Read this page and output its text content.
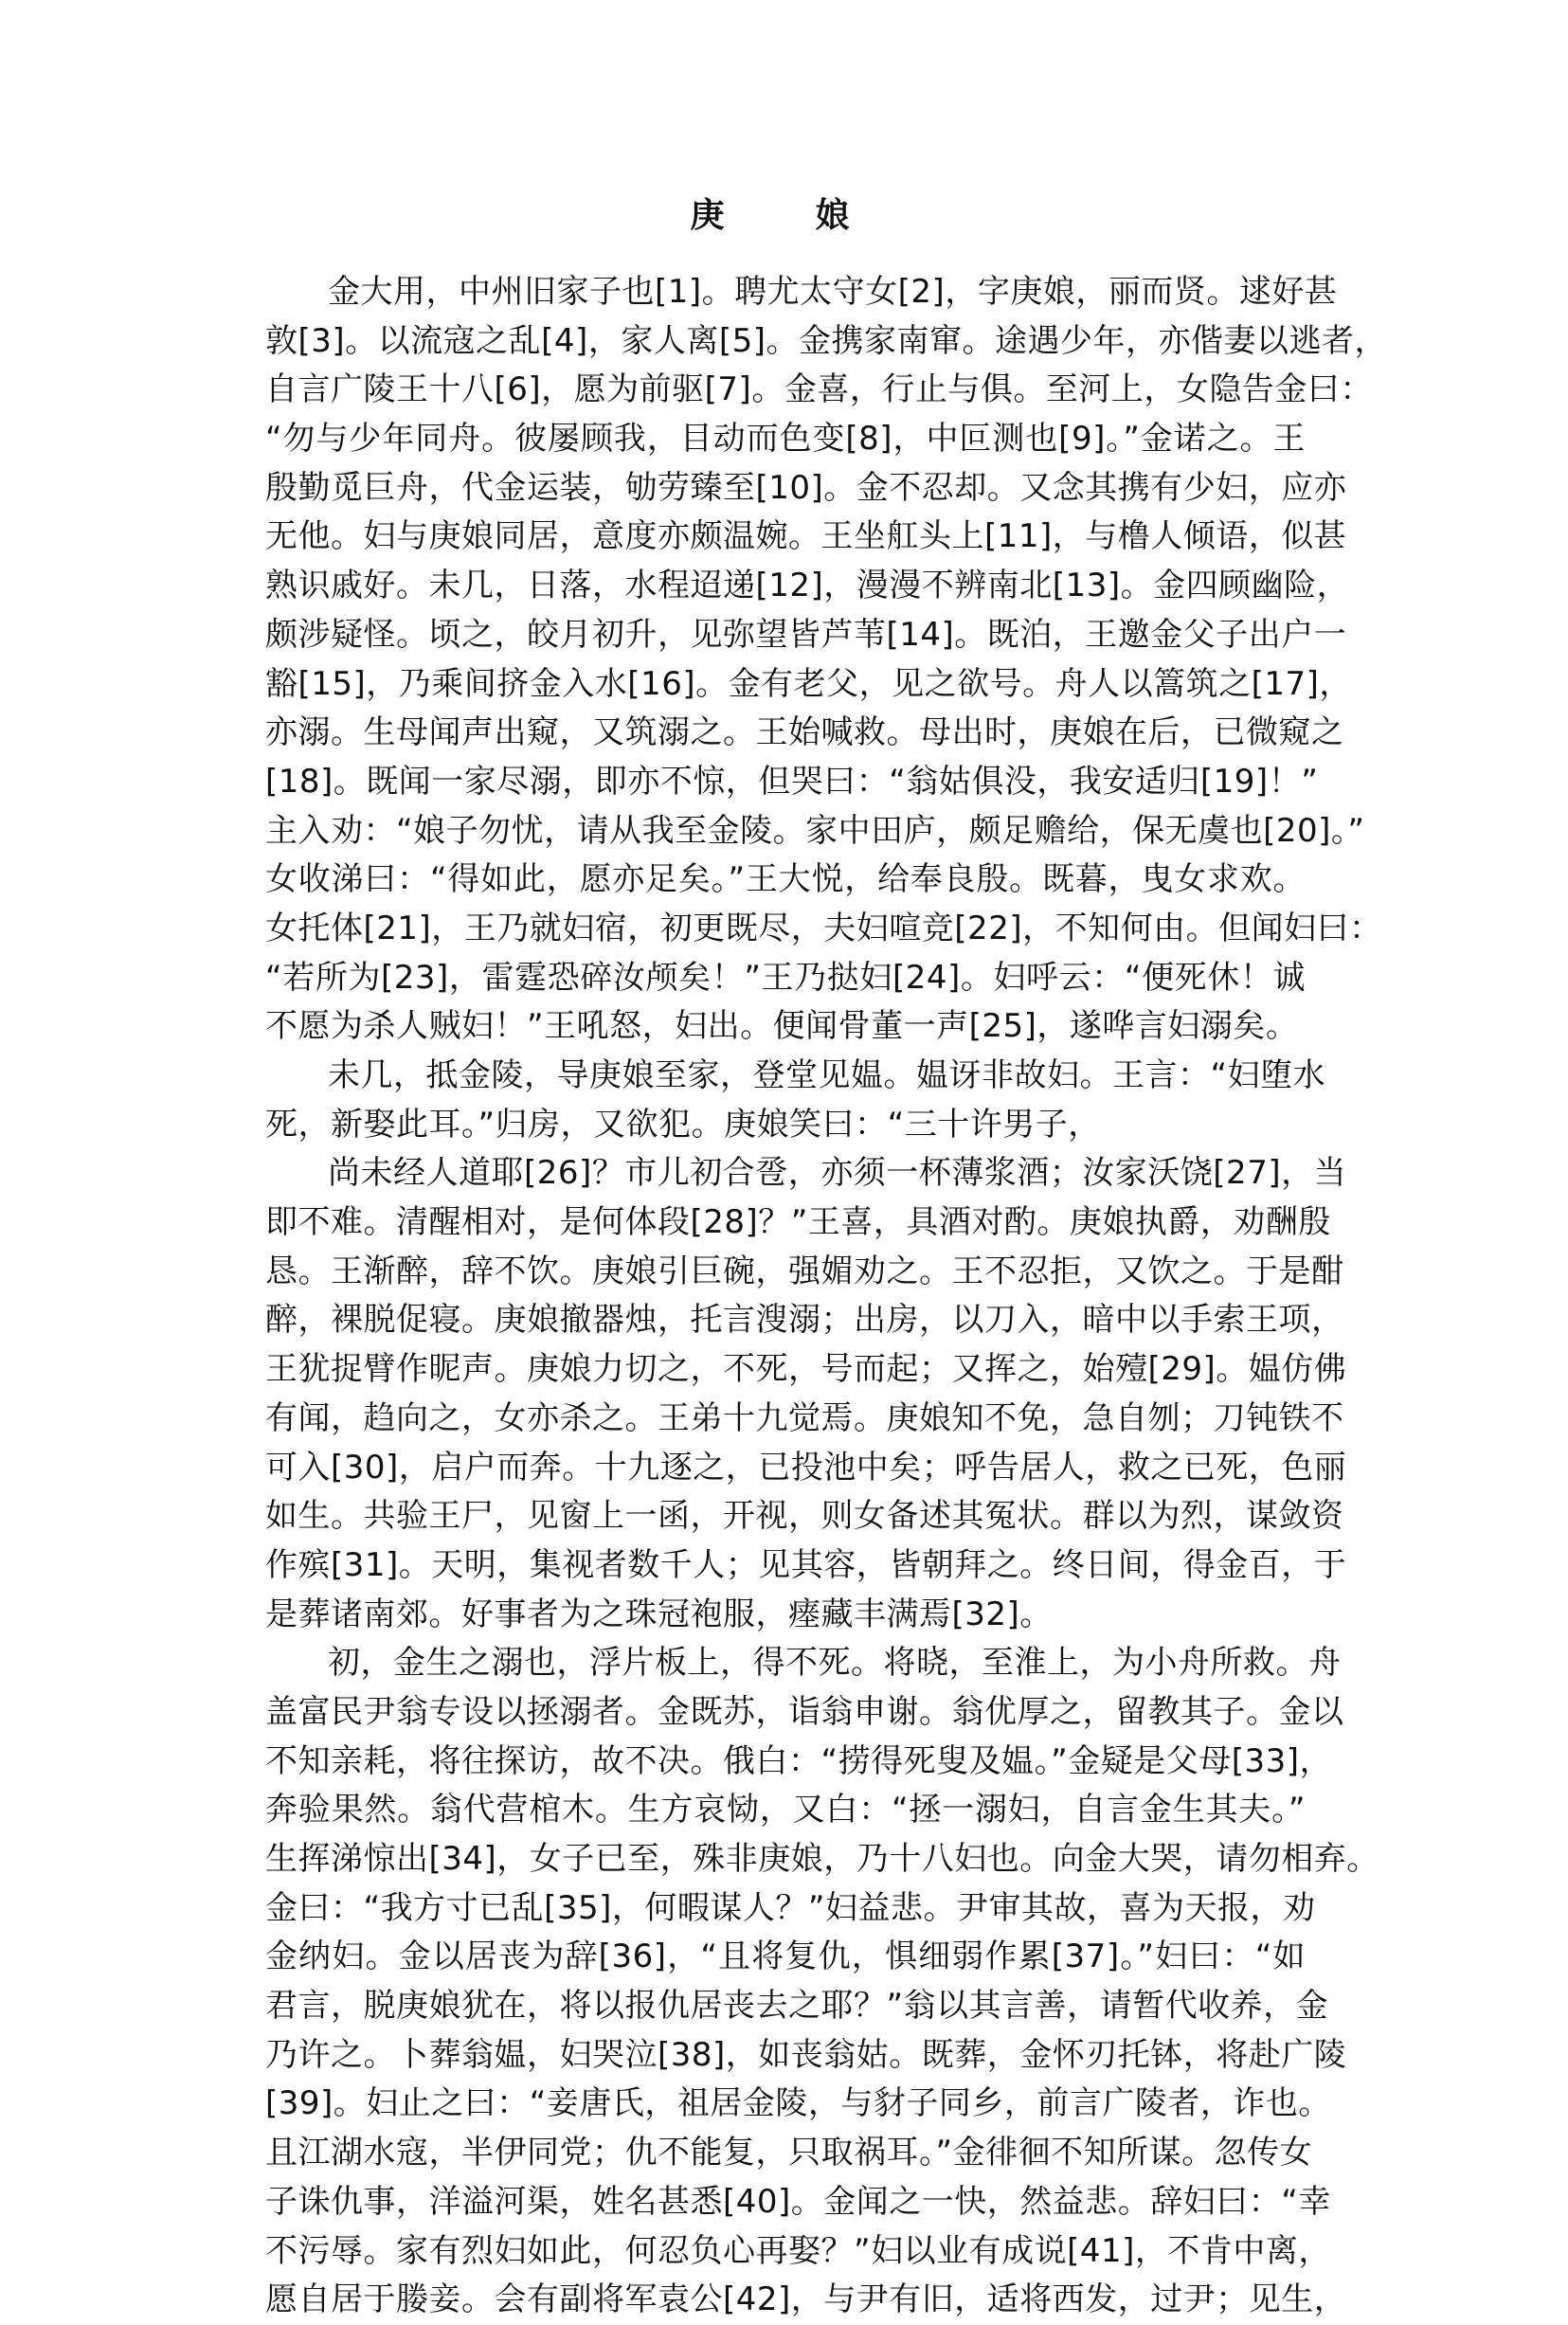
庚　娘
金大用，中州旧家子也[1]。聘尤太守女[2]，字庚娘，丽而贤。逑好甚
敦[3]。以流寇之乱[4]，家人离[5]。金携家南窜。途遇少年，亦偕妻以逃者，
自言广陵王十八[6]，愿为前驱[7]。金喜，行止与俱。至河上，女隐告金曰：
“勿与少年同舟。彼屡顾我，目动而色变[8]，中叵测也[9]。”金诺之。王
殷勤觅巨舟，代金运装，劬劳臻至[10]。金不忍却。又念其携有少妇，应亦
无他。妇与庚娘同居，意度亦颇温婉。王坐舡头上[11]，与橹人倾语，似甚
熟识戚好。未几，日落，水程迢递[12]，漫漫不辨南北[13]。金四顾幽险，
颇涉疑怪。顷之，皎月初升，见弥望皆芦苇[14]。既泊，王邀金父子出户一
豁[15]，乃乘间挤金入水[16]。金有老父，见之欲号。舟人以篙筑之[17]，
亦溺。生母闻声出窥，又筑溺之。王始喊救。母出时，庚娘在后，已微窥之
[18]。既闻一家尽溺，即亦不惊，但哭曰：“翁姑俱没，我安适归[19]！”
主入劝：“娘子勿忧，请从我至金陵。家中田庐，颇足赡给，保无虞也[20]。”
女收涕曰：“得如此，愿亦足矣。”王大悦，给奉良殷。既暮，曳女求欢。
女托体[21]，王乃就妇宿，初更既尽，夫妇喧竞[22]，不知何由。但闻妇曰：
“若所为[23]，雷霆恐碎汝颅矣！”王乃挞妇[24]。妇呼云：“便死休！诚
不愿为杀人贼妇！”王吼怒，妇出。便闻骨董一声[25]，遂哗言妇溺矣。
未几，抵金陵，导庚娘至家，登堂见媪。媪讶非故妇。王言：“妇堕水
死，新娶此耳。”归房，又欲犯。庚娘笑曰：“三十许男子，
尚未经人道耶[26]？市儿初合卺，亦须一杯薄浆酒；汝家沃饶[27]，当
即不难。清醒相对，是何体段[28]？”王喜，具酒对酌。庚娘执爵，劝酬殷
恳。王渐醉，辞不饮。庚娘引巨碗，强媚劝之。王不忍拒，又饮之。于是酣
醉，裸脱促寝。庚娘撤器烛，托言溲溺；出房，以刀入，暗中以手索王项，
王犹捉臂作昵声。庚娘力切之，不死，号而起；又挥之，始殪[29]。媪仿佛
有闻，趋向之，女亦杀之。王弟十九觉焉。庚娘知不免，急自刎；刀钝铁不
可入[30]，启户而奔。十九逐之，已投池中矣；呼告居人，救之已死，色丽
如生。共验王尸，见窗上一函，开视，则女备述其冤状。群以为烈，谋敛资
作殡[31]。天明，集视者数千人；见其容，皆朝拜之。终日间，得金百，于
是葬诸南郊。好事者为之珠冠袍服，瘗藏丰满焉[32]。
初，金生之溺也，浮片板上，得不死。将晓，至淮上，为小舟所救。舟
盖富民尹翁专设以拯溺者。金既苏，诣翁申谢。翁优厚之，留教其子。金以
不知亲耗，将往探访，故不决。俄白：“捞得死叟及媪。”金疑是父母[33]，
奔验果然。翁代营棺木。生方哀恸，又白：“拯一溺妇，自言金生其夫。”
生挥涕惊出[34]，女子已至，殊非庚娘，乃十八妇也。向金大哭，请勿相弃。
金曰：“我方寸已乱[35]，何暇谋人？”妇益悲。尹审其故，喜为天报，劝
金纳妇。金以居丧为辞[36]，“且将复仇，惧细弱作累[37]。”妇曰：“如
君言，脱庚娘犹在，将以报仇居丧去之耶？”翁以其言善，请暂代收养，金
乃许之。卜葬翁媪，妇哭泣[38]，如丧翁姑。既葬，金怀刃托钵，将赴广陵
[39]。妇止之曰：“妾唐氏，祖居金陵，与豺子同乡，前言广陵者，诈也。
且江湖水寇，半伊同党；仇不能复，只取祸耳。”金徘徊不知所谋。忽传女
子诛仇事，洋溢河渠，姓名甚悉[40]。金闻之一快，然益悲。辞妇曰：“幸
不污辱。家有烈妇如此，何忍负心再娶？”妇以业有成说[41]，不肯中离，
愿自居于媵妾。会有副将军袁公[42]，与尹有旧，适将西发，过尹；见生，
